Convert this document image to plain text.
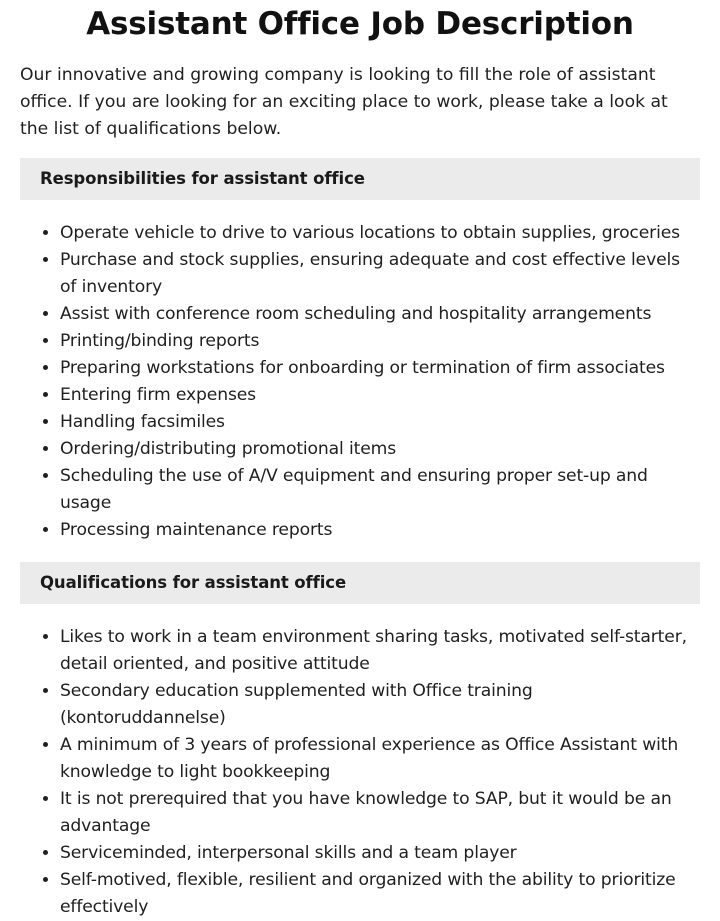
Assistant Office Job Description

Our innovative and growing company is looking to fill the role of assistant office. If you are looking for an exciting place to work, please take a look at the list of qualifications below.

Responsibilities for assistant office
• Operate vehicle to drive to various locations to obtain supplies, groceries
• Purchase and stock supplies, ensuring adequate and cost effective levels of inventory
• Assist with conference room scheduling and hospitality arrangements
• Printing/binding reports
• Preparing workstations for onboarding or termination of firm associates
• Entering firm expenses
• Handling facsimiles
• Ordering/distributing promotional items
• Scheduling the use of A/V equipment and ensuring proper set-up and usage
• Processing maintenance reports
Qualifications for assistant office
• Likes to work in a team environment sharing tasks, motivated self-starter, detail oriented, and positive attitude
• Secondary education supplemented with Office training (kontoruddannelse)
• A minimum of 3 years of professional experience as Office Assistant with knowledge to light bookkeeping
• It is not prerequired that you have knowledge to SAP, but it would be an advantage
• Serviceminded, interpersonal skills and a team player
• Self-motived, flexible, resilient and organized with the ability to prioritize effectively
